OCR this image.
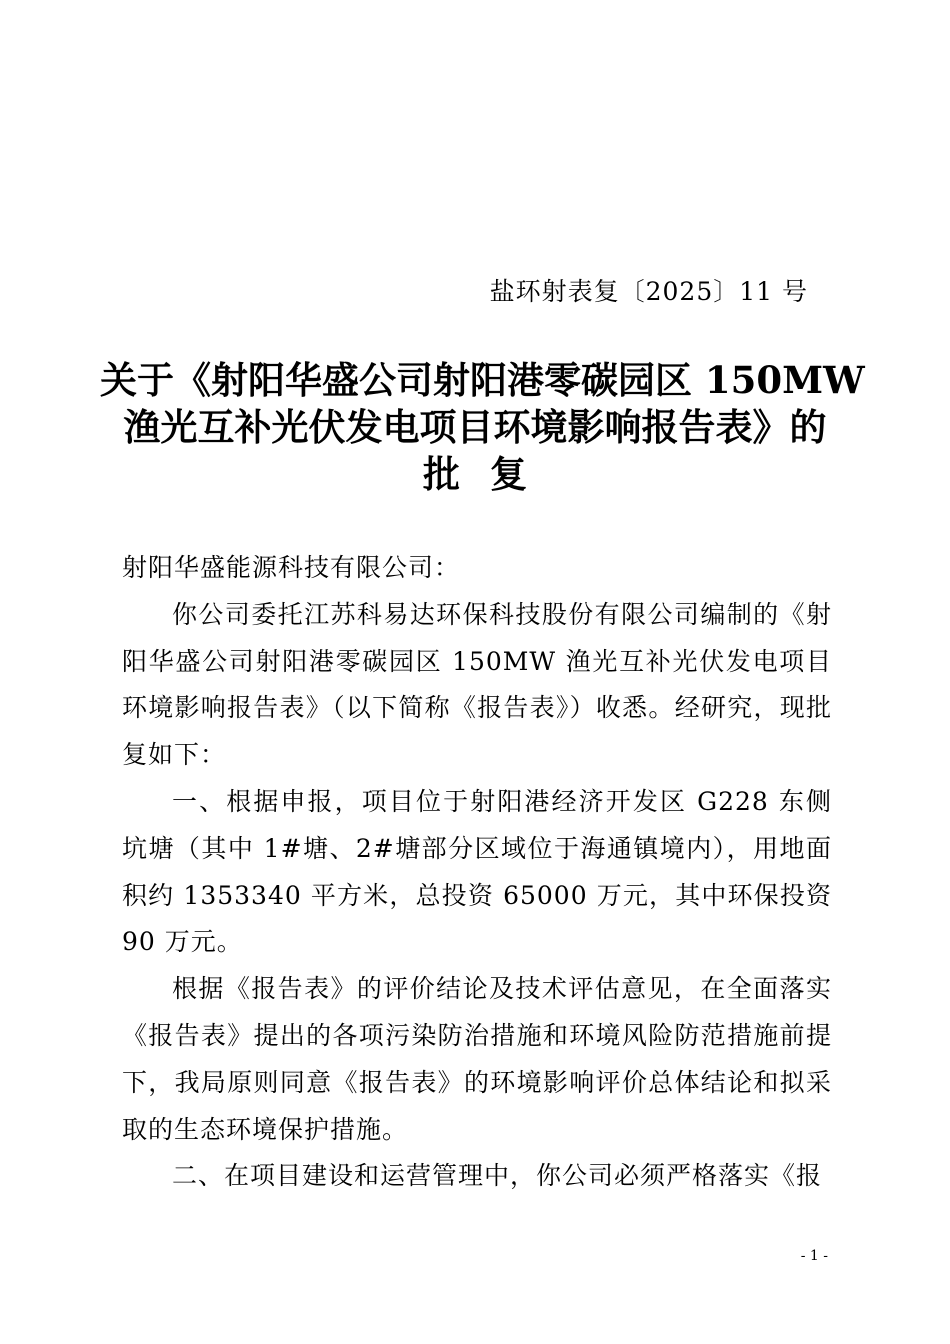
盐环射表复〔2025〕11 号
关于《射阳华盛公司射阳港零碳园区 150MW
渔光互补光伏发电项目环境影响报告表》的
批复

射阳华盛能源科技有限公司：

你公司委托江苏科易达环保科技股份有限公司编制的《射阳华盛公司射阳港零碳园区 150MW 渔光互补光伏发电项目环境影响报告表》（以下简称《报告表》）收悉。经研究，现批复如下：

一、根据申报，项目位于射阳港经济开发区 G228 东侧坑塘（其中 1#塘、2#塘部分区域位于海通镇境内），用地面积约 1353340 平方米，总投资 65000 万元，其中环保投资 90 万元。

根据《报告表》的评价结论及技术评估意见，在全面落实《报告表》提出的各项污染防治措施和环境风险防范措施前提下，我局原则同意《报告表》的环境影响评价总体结论和拟采取的生态环境保护措施。

二、在项目建设和运营管理中，你公司必须严格落实《报

- 1 -
